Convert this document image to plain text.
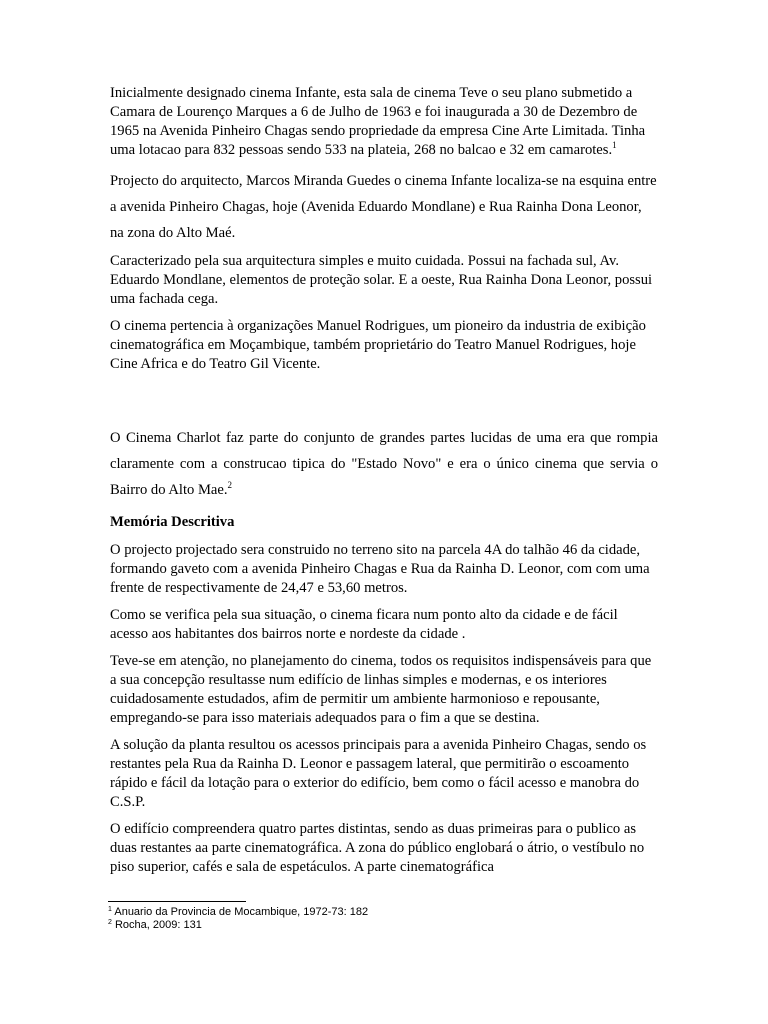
Inicialmente designado cinema Infante, esta sala de cinema Teve o seu plano submetido a Camara de Lourenço Marques a 6 de Julho de 1963 e foi inaugurada a 30 de Dezembro de 1965 na Avenida Pinheiro Chagas sendo propriedade da empresa Cine Arte Limitada. Tinha uma lotacao para 832 pessoas sendo 533 na plateia, 268 no balcao e 32 em camarotes.$^1$

Projecto do arquitecto, Marcos Miranda Guedes o cinema Infante localiza-se na esquina entre a avenida Pinheiro Chagas, hoje (Avenida Eduardo Mondlane) e Rua Rainha Dona Leonor, na zona do Alto Maé.

Caracterizado pela sua arquitectura simples e muito cuidada. Possui na fachada sul, Av. Eduardo Mondlane, elementos de proteção solar. E a oeste, Rua Rainha Dona Leonor, possui uma fachada cega.

O cinema pertencia à organizações Manuel Rodrigues, um pioneiro da industria de exibição cinematográfica em Moçambique, também proprietário do Teatro Manuel Rodrigues, hoje Cine Africa e do Teatro Gil Vicente.

O Cinema Charlot faz parte do conjunto de grandes partes lucidas de uma era que rompia claramente com a construcao tipica do "Estado Novo" e era o único cinema que servia o Bairro do Alto Mae.$^2$

Memória Descritiva

O projecto projectado sera construido no terreno sito na parcela 4A do talhão 46 da cidade, formando gaveto com a avenida Pinheiro Chagas e Rua da Rainha D. Leonor, com com uma frente de respectivamente de 24,47 e 53,60 metros.

Como se verifica pela sua situação, o cinema ficara num ponto alto da cidade e de fácil acesso aos habitantes dos bairros norte e nordeste da cidade .

Teve-se em atenção, no planejamento do cinema, todos os requisitos indispensáveis para que a sua concepção resultasse num edifício de linhas simples e modernas, e os interiores cuidadosamente estudados, afim de permitir um ambiente harmonioso e repousante, empregando-se para isso materiais adequados para o fim a que se destina.

A solução da planta resultou os acessos principais para a avenida Pinheiro Chagas, sendo os restantes pela Rua da Rainha D. Leonor e passagem lateral, que permitirão o escoamento rápido e fácil da lotação para o exterior do edifício, bem como o fácil acesso e manobra do C.S.P.

O edifício compreendera quatro partes distintas, sendo as duas primeiras para o publico as duas restantes aa parte cinematográfica. A zona do público englobará o átrio, o vestíbulo no piso superior, cafés e sala de espetáculos. A parte cinematográfica

$^1$ Anuario da Provincia de Mocambique, 1972-73: 182
$^2$ Rocha, 2009: 131
